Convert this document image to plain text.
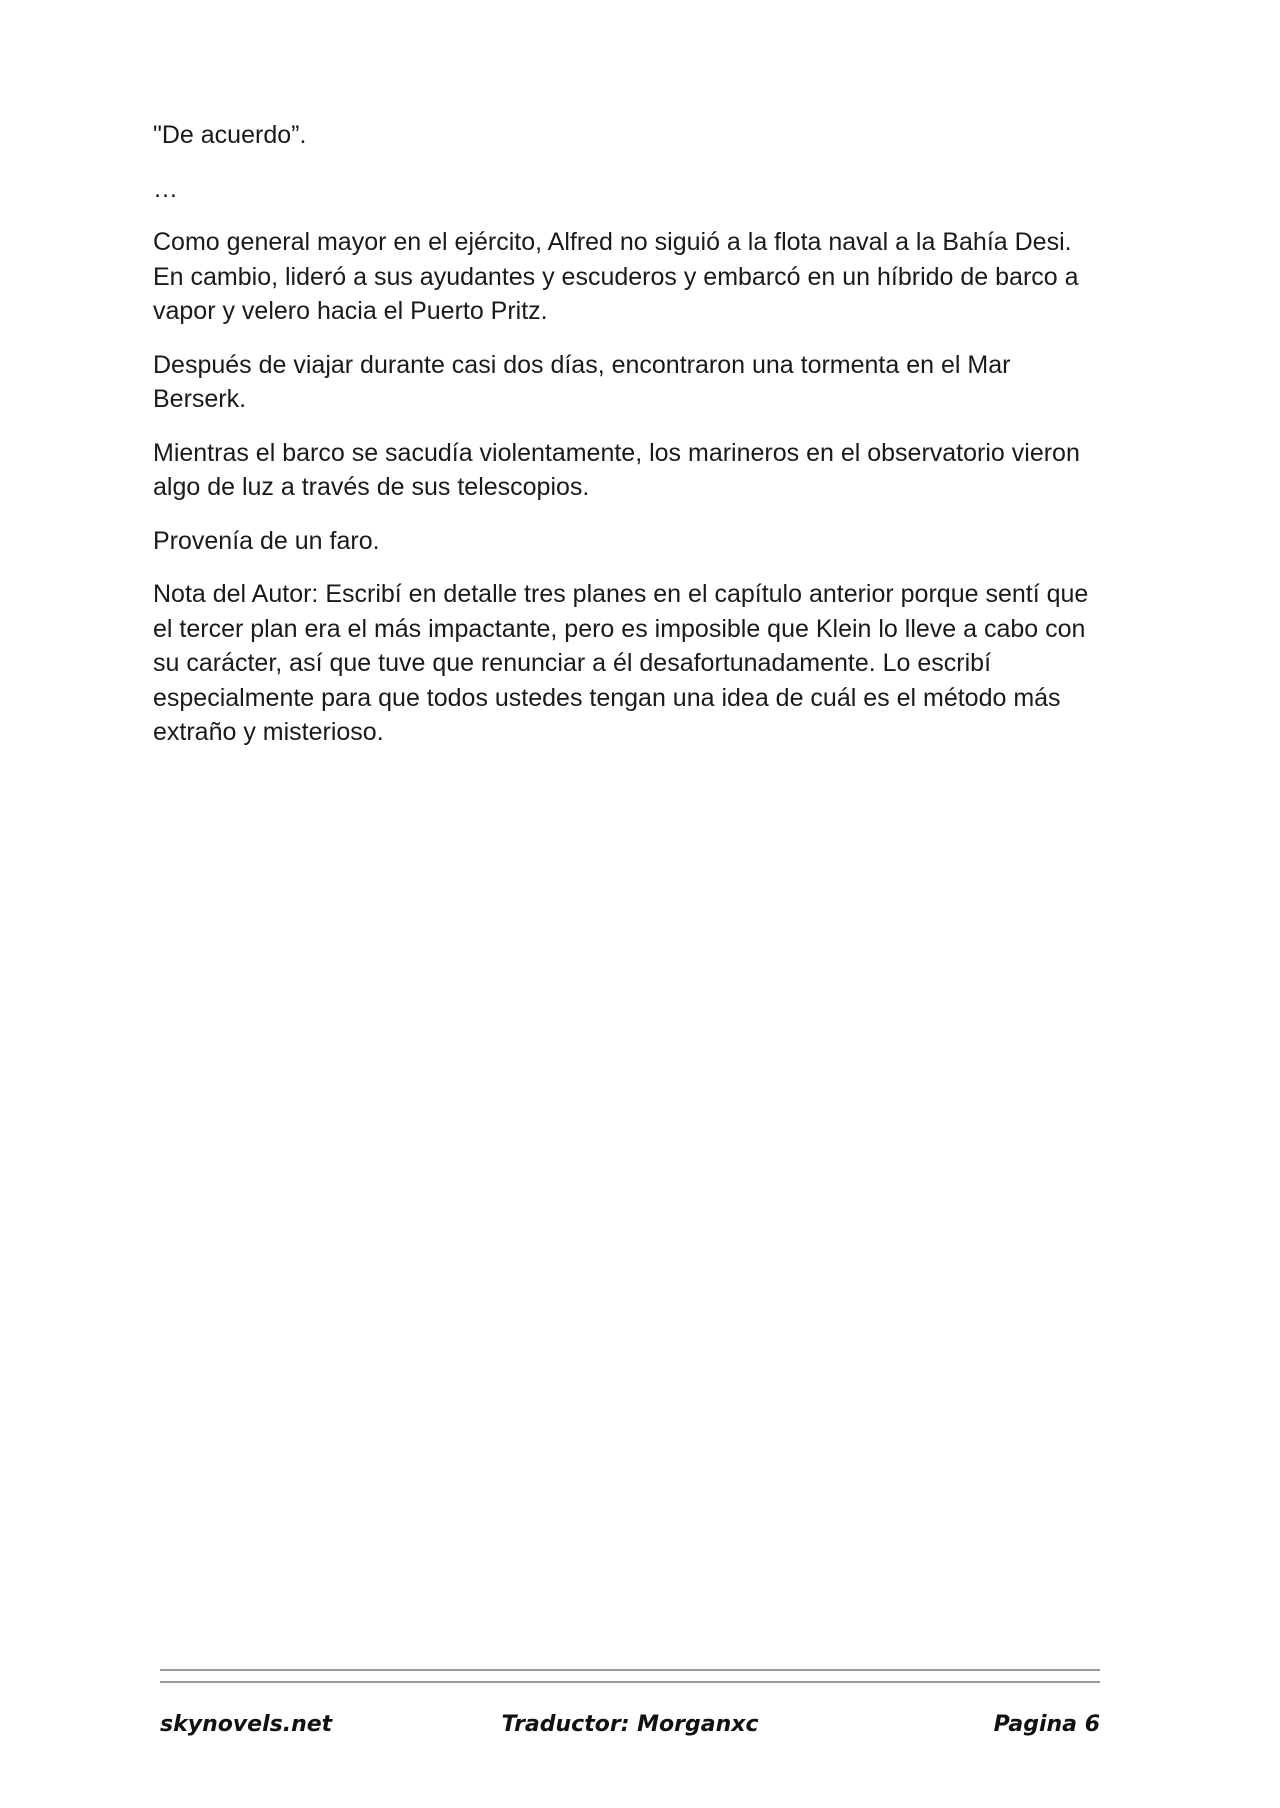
"De acuerdo”.

…

Como general mayor en el ejército, Alfred no siguió a la flota naval a la Bahía Desi. En cambio, lideró a sus ayudantes y escuderos y embarcó en un híbrido de barco a vapor y velero hacia el Puerto Pritz.

Después de viajar durante casi dos días, encontraron una tormenta en el Mar Berserk.

Mientras el barco se sacudía violentamente, los marineros en el observatorio vieron algo de luz a través de sus telescopios.

Provenía de un faro.

Nota del Autor: Escribí en detalle tres planes en el capítulo anterior porque sentí que el tercer plan era el más impactante, pero es imposible que Klein lo lleve a cabo con su carácter, así que tuve que renunciar a él desafortunadamente. Lo escribí especialmente para que todos ustedes tengan una idea de cuál es el método más extraño y misterioso.

skynovels.net	Traductor: Morganxc	Pagina 6
